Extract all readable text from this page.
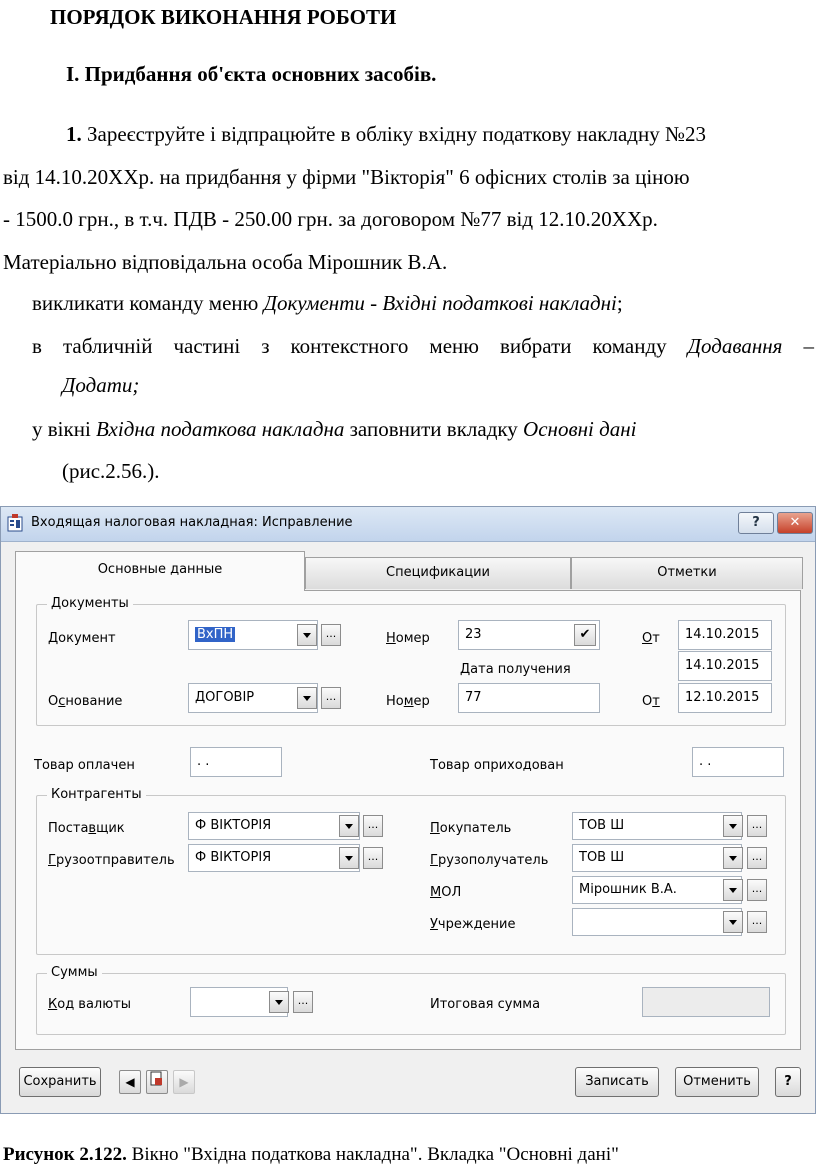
ПОРЯДОК ВИКОНАННЯ РОБОТИ
І. Придбання об'єкта основних засобів.
1. Зареєструйте і відпрацюйте в обліку вхідну податкову накладну №23
від 14.10.20ХХр. на придбання у фірми "Вікторія" 6 офісних столів за ціною
- 1500.0 грн., в т.ч. ПДВ - 250.00 грн. за договором №77 від 12.10.20ХХр.
Матеріально відповідальна особа Мірошник В.А.
викликати команду меню Документи - Вхідні податкові накладні;
в табличній частині з контекстного меню вибрати команду Додавання –
Додати;
у вікні Вхідна податкова накладна заповнити вкладку Основні дані
(рис.2.56.).
Входящая налоговая накладная: Исправление	?	✕
Основные данные	Спецификации	Отметки
Документы
Документ	ВхПН	...	Номер	23	✔	От	14.10.2015
Дата получения	14.10.2015
Основание	ДОГОВІР	...	Номер	77	От	12.10.2015
Товар оплачен	. .	Товар оприходован	. .
Контрагенты
Поставщик	Ф ВІКТОРІЯ	...
Грузоотправитель	Ф ВІКТОРІЯ	...
Покупатель	ТОВ Ш	...
Грузополучатель	ТОВ Ш	...
МОЛ	Мірошник В.А.	...
Учреждение	...
Суммы
Код валюты	...	Итоговая сумма
Сохранить	◀	▶	Записать	Отменить	?
Рисунок 2.122. Вікно "Вхідна податкова накладна". Вкладка "Основні дані"
